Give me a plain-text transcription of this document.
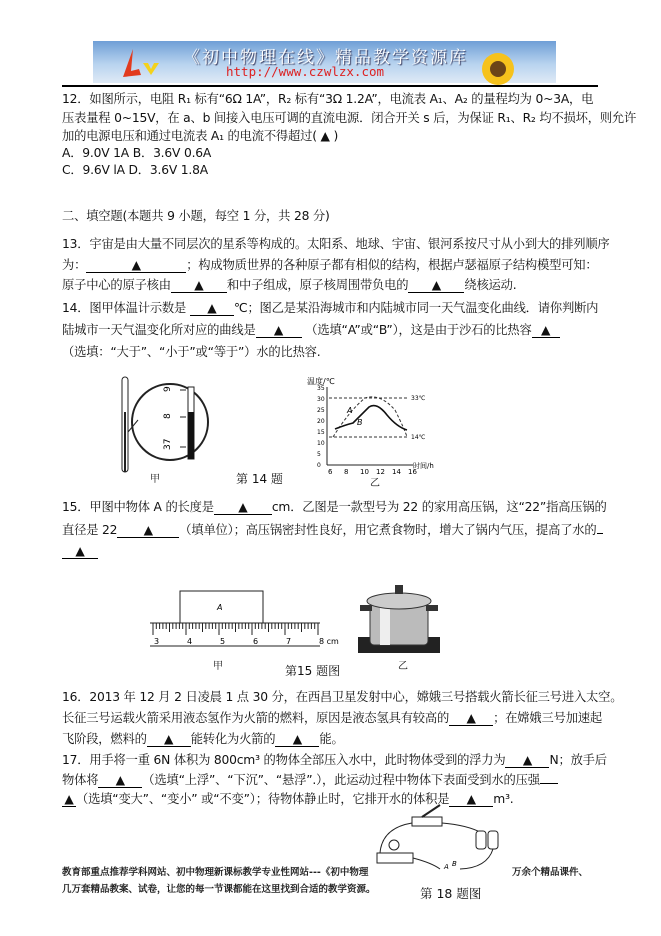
《初中物理在线》精品教学资源库
http://www.czwlzx.com
12．如图所示，电阻 R₁ 标有“6Ω 1A”，R₂ 标有“3Ω 1.2A”，电流表 A₁、A₂ 的量程均为 0~3A，电
压表量程 0~15V，在 a、b 间接入电压可调的直流电源．闭合开关 s 后，为保证 R₁、R₂ 均不损坏，则允许
加的电源电压和通过电流表 A₁ 的电流不得超过( ▲ )
A．9.0V 1A B．3.6V 0.6A
C．9.6V lA D．3.6V 1.8A
二、填空题(本题共 9 小题，每空 1 分，共 28 分)
13．宇宙是由大量不同层次的星系等构成的。太阳系、地球、宇宙、银河系按尺寸从小到大的排列顺序
为：	▲	；构成物质世界的各种原子都有相似的结构，根据卢瑟福原子结构模型可知：
原子中心的原子核由 ▲ 和中子组成，原子核周围带负电的 ▲ 绕核运动.
14．图甲体温计示数是 ▲ ℃；图乙是某沿海城市和内陆城市同一天气温变化曲线．请你判断内
陆城市一天气温变化所对应的曲线是 ▲ （选填“A”或“B”），这是由于沙石的比热容 ▲
（选填：“大于”、“小于”或“等于”）水的比热容.
15．甲图中物体 A 的长度是 ▲ cm．乙图是一款型号为 22 的家用高压锅，这“22”指高压锅的
直径是 22 ▲ （填单位）；高压锅密封性良好，用它煮食物时，增大了锅内气压，提高了水的
▲
16．2013 年 12 月 2 日凌晨 1 点 30 分，在西昌卫星发射中心，嫦娥三号搭载火箭长征三号进入太空。
长征三号运载火箭采用液态氢作为火箭的燃料，原因是液态氢具有较高的 ▲ ；在嫦娥三号加速起
飞阶段，燃料的 ▲ 能转化为火箭的 ▲ 能。
17．用手将一重 6N 体积为 800cm³ 的物体全部压入水中，此时物体受到的浮力为 ▲ N；放手后
物体将 ▲ （选填“上浮”、“下沉”、“悬浮”.），此运动过程中物体下表面受到水的压强
▲ （选填“变大”、“变小” 或“不变”）；待物体静止时，它排开水的体积是 ▲ m³.
37
8
9
甲	第 14 题
温度/℃
0
5
10
15
20
25
30
35
6 8 10 12 14 16
33℃
14℃
A
B
时间/h
乙
A
3	4	5	6	7	8 cm
甲	第15 题图	乙
A B
教育部重点推荐学科网站、初中物理新课标教学专业性网站---《初中物理	万余个精品课件、
几万套精品教案、试卷，让您的每一节课都能在这里找到合适的教学资源。	第 18 题图
